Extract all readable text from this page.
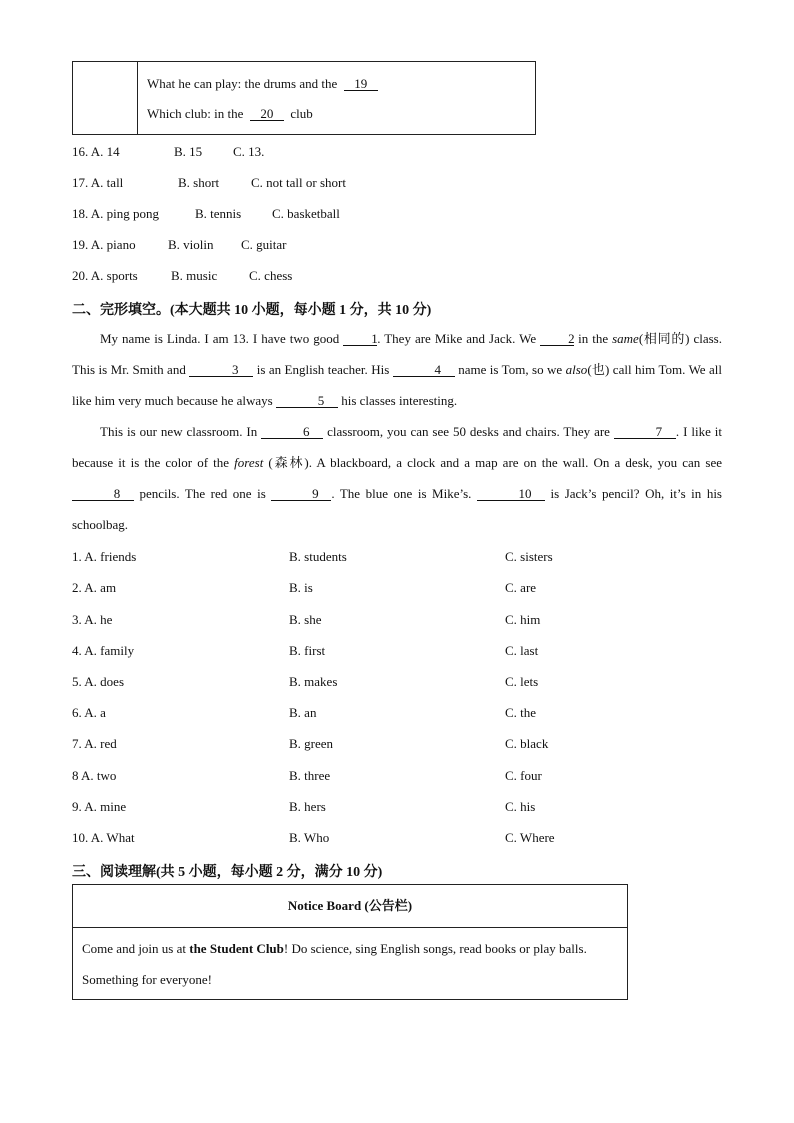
What he can play: the drums and the 19
Which club: in the 20 club
16. A. 14	B. 15 C. 13.
17. A. tall	B. short C. not tall or short
18. A. ping pong	B. tennis C. basketball
19. A. piano B. violin C. guitar
20. A. sports	B. music C. chess
二、完形填空。(本大题共 10 小题，每小题 1 分，共 10 分)

My name is Linda. I am 13. I have two good 1. They are Mike and Jack. We 2 in the same(相同的) class. This is Mr. Smith and	3 is an English teacher. His	4 name is Tom, so we also(也) call him Tom. We all like him very much because he always	5 his classes interesting.

This is our new classroom. In	6 classroom, you can see 50 desks and chairs. They are	7 . I like it because it is the color of the forest (森林). A blackboard, a clock and a map are on the wall. On a desk, you can see 8 pencils. The red one is	9 . The blue one is Mike’s.	10 is Jack’s pencil? Oh, it’s in his schoolbag.

1. A. friends	B. students	C. sisters
2. A. am	B. is	C. are
3. A. he	B. she	C. him
4. A. family	B. first	C. last
5. A. does	B. makes	C. lets
6. A. a	B. an	C. the
7. A. red	B. green	C. black
8 A. two	B. three	C. four
9. A. mine	B. hers	C. his
10. A. What	B. Who	C. Where
三、阅读理解(共 5 小题，每小题 2 分，满分 10 分)
Notice Board (公告栏)
Come and join us at the Student Club! Do science, sing English songs, read books or play balls.
Something for everyone!
